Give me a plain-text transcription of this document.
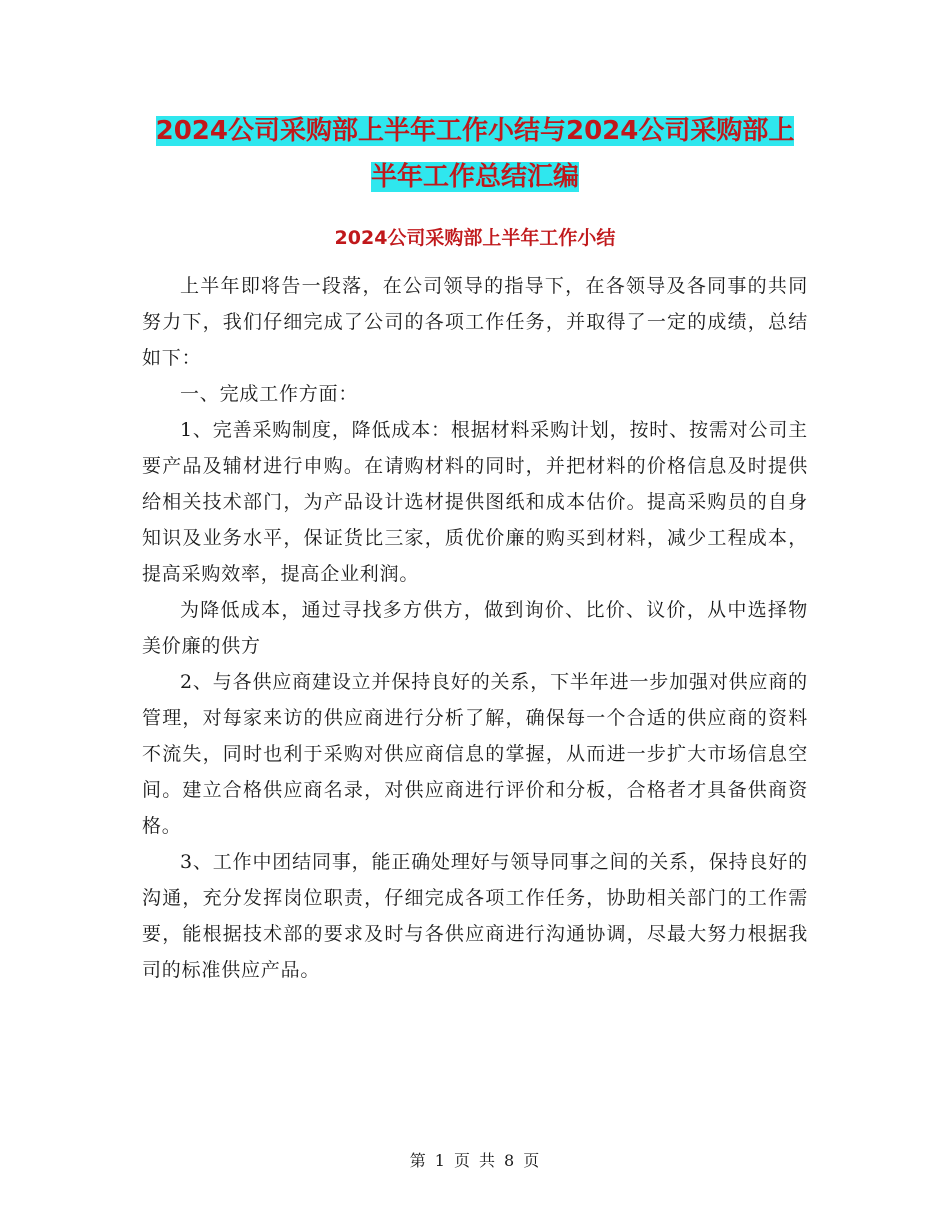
2024公司采购部上半年工作小结与2024公司采购部上
半年工作总结汇编
2024公司采购部上半年工作小结

上半年即将告一段落，在公司领导的指导下，在各领导及各同事的共同努力下，我们仔细完成了公司的各项工作任务，并取得了一定的成绩，总结如下：

一、完成工作方面：

1、完善采购制度，降低成本：根据材料采购计划，按时、按需对公司主要产品及辅材进行申购。在请购材料的同时，并把材料的价格信息及时提供给相关技术部门，为产品设计选材提供图纸和成本估价。提高采购员的自身知识及业务水平，保证货比三家，质优价廉的购买到材料，减少工程成本，提高采购效率，提高企业利润。

为降低成本，通过寻找多方供方，做到询价、比价、议价，从中选择物美价廉的供方

2、与各供应商建设立并保持良好的关系，下半年进一步加强对供应商的管理，对每家来访的供应商进行分析了解，确保每一个合适的供应商的资料不流失，同时也利于采购对供应商信息的掌握，从而进一步扩大市场信息空间。建立合格供应商名录，对供应商进行评价和分板，合格者才具备供商资格。

3、工作中团结同事，能正确处理好与领导同事之间的关系，保持良好的沟通，充分发挥岗位职责，仔细完成各项工作任务，协助相关部门的工作需要，能根据技术部的要求及时与各供应商进行沟通协调，尽最大努力根据我司的标准供应产品。

第 1 页 共 8 页
